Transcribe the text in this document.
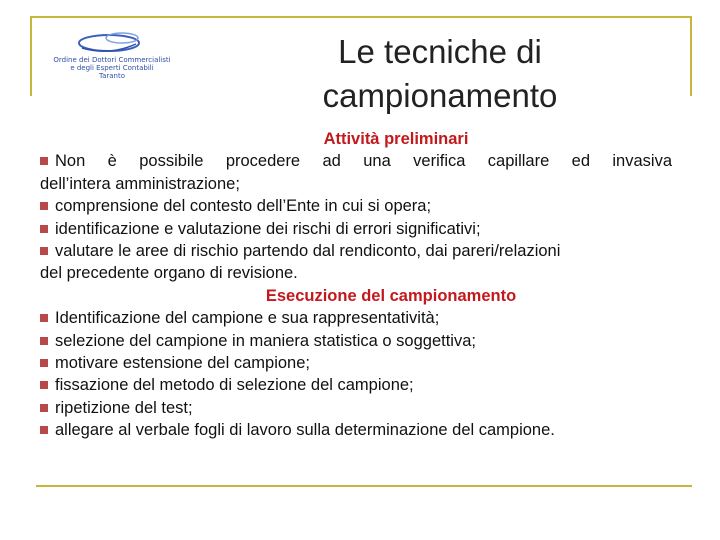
Ordine dei Dottori Commercialisti
e degli Esperti Contabili
Taranto
Le tecniche di
campionamento
Attività preliminari
Non è possibile procedere ad una verifica capillare ed invasiva
dell’intera amministrazione;
comprensione del contesto dell’Ente in cui si opera;
identificazione e valutazione dei rischi di errori significativi;
valutare le aree di rischio partendo dal rendiconto, dai pareri/relazioni
del precedente organo di revisione.
Esecuzione del campionamento
Identificazione del campione e sua rappresentatività;
selezione del campione in maniera statistica o soggettiva;
motivare estensione del campione;
fissazione del metodo di selezione del campione;
ripetizione del test;
allegare al verbale fogli di lavoro sulla determinazione del campione.
